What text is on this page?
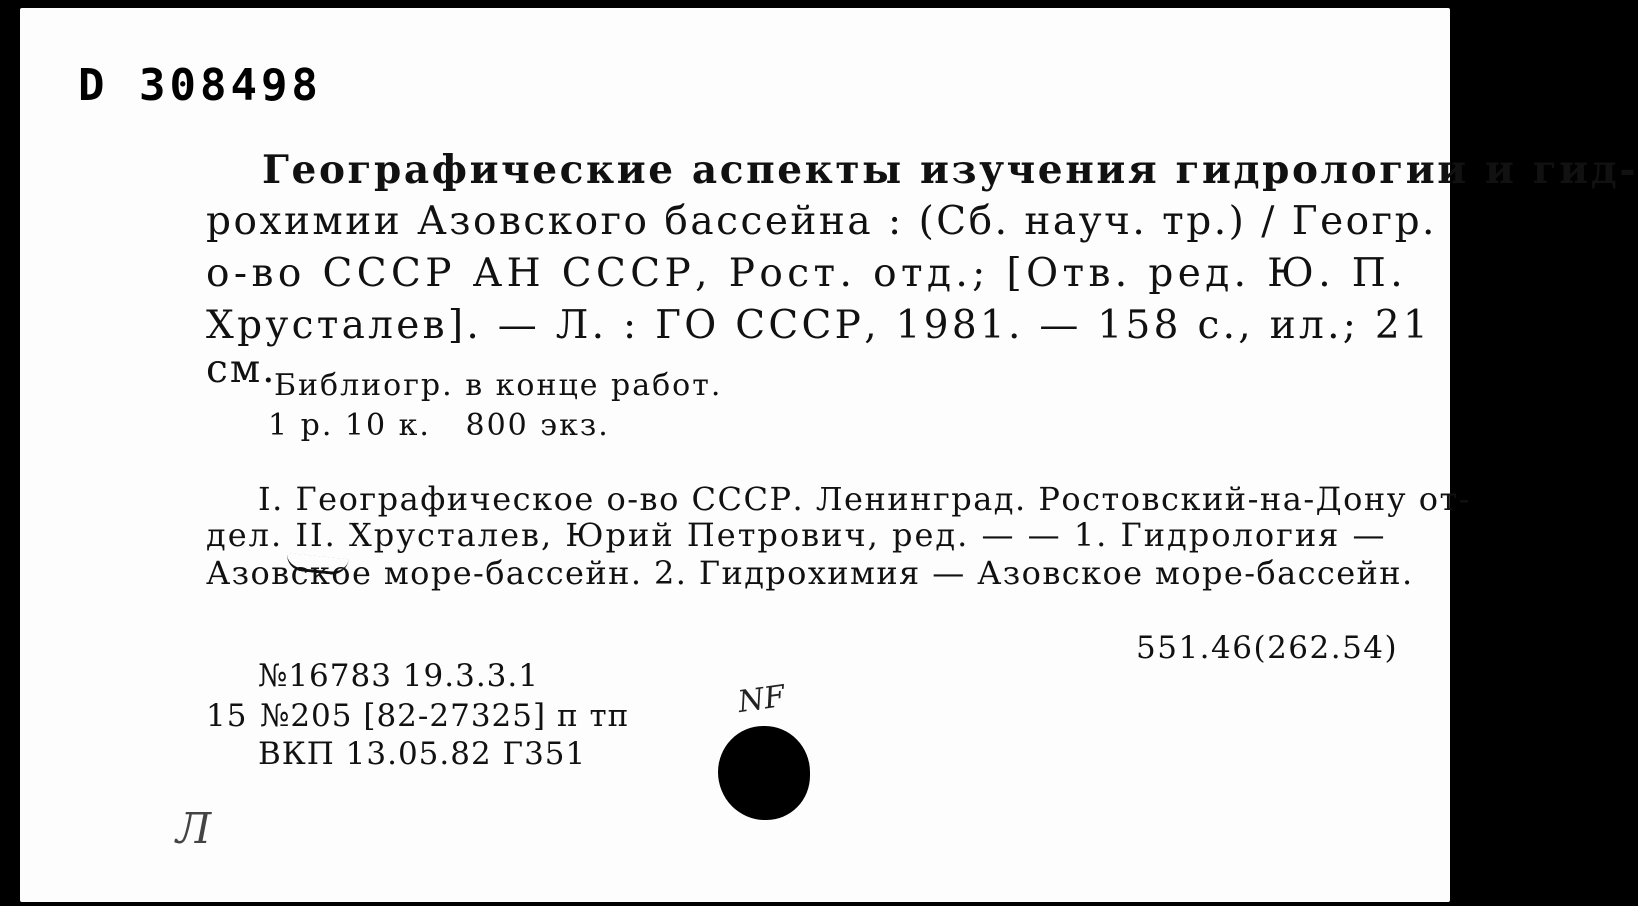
D 308498
Географические аспекты изучения гидрологии и гид-
рохимии Азовского бассейна : (Сб. науч. тр.) / Геогр.
о-во СССР АН СССР, Рост. отд.; [Отв. ред. Ю. П.
Хрусталев]. — Л. : ГО СССР, 1981. — 158 с., ил.; 21
см.
Библиогр. в конце работ.
1 р. 10 к.   800 экз.
I. Географическое о-во СССР. Ленинград. Ростовский-на-Дону от-
дел. II. Хрусталев, Юрий Петрович, ред. — — 1. Гидрология —
Азовское море-бассейн. 2. Гидрохимия — Азовское море-бассейн.
551.46(262.54)
№16783 19.3.3.1
15 №205 [82-27325] п тп
ВКП 13.05.82 Г351
NF
Л
